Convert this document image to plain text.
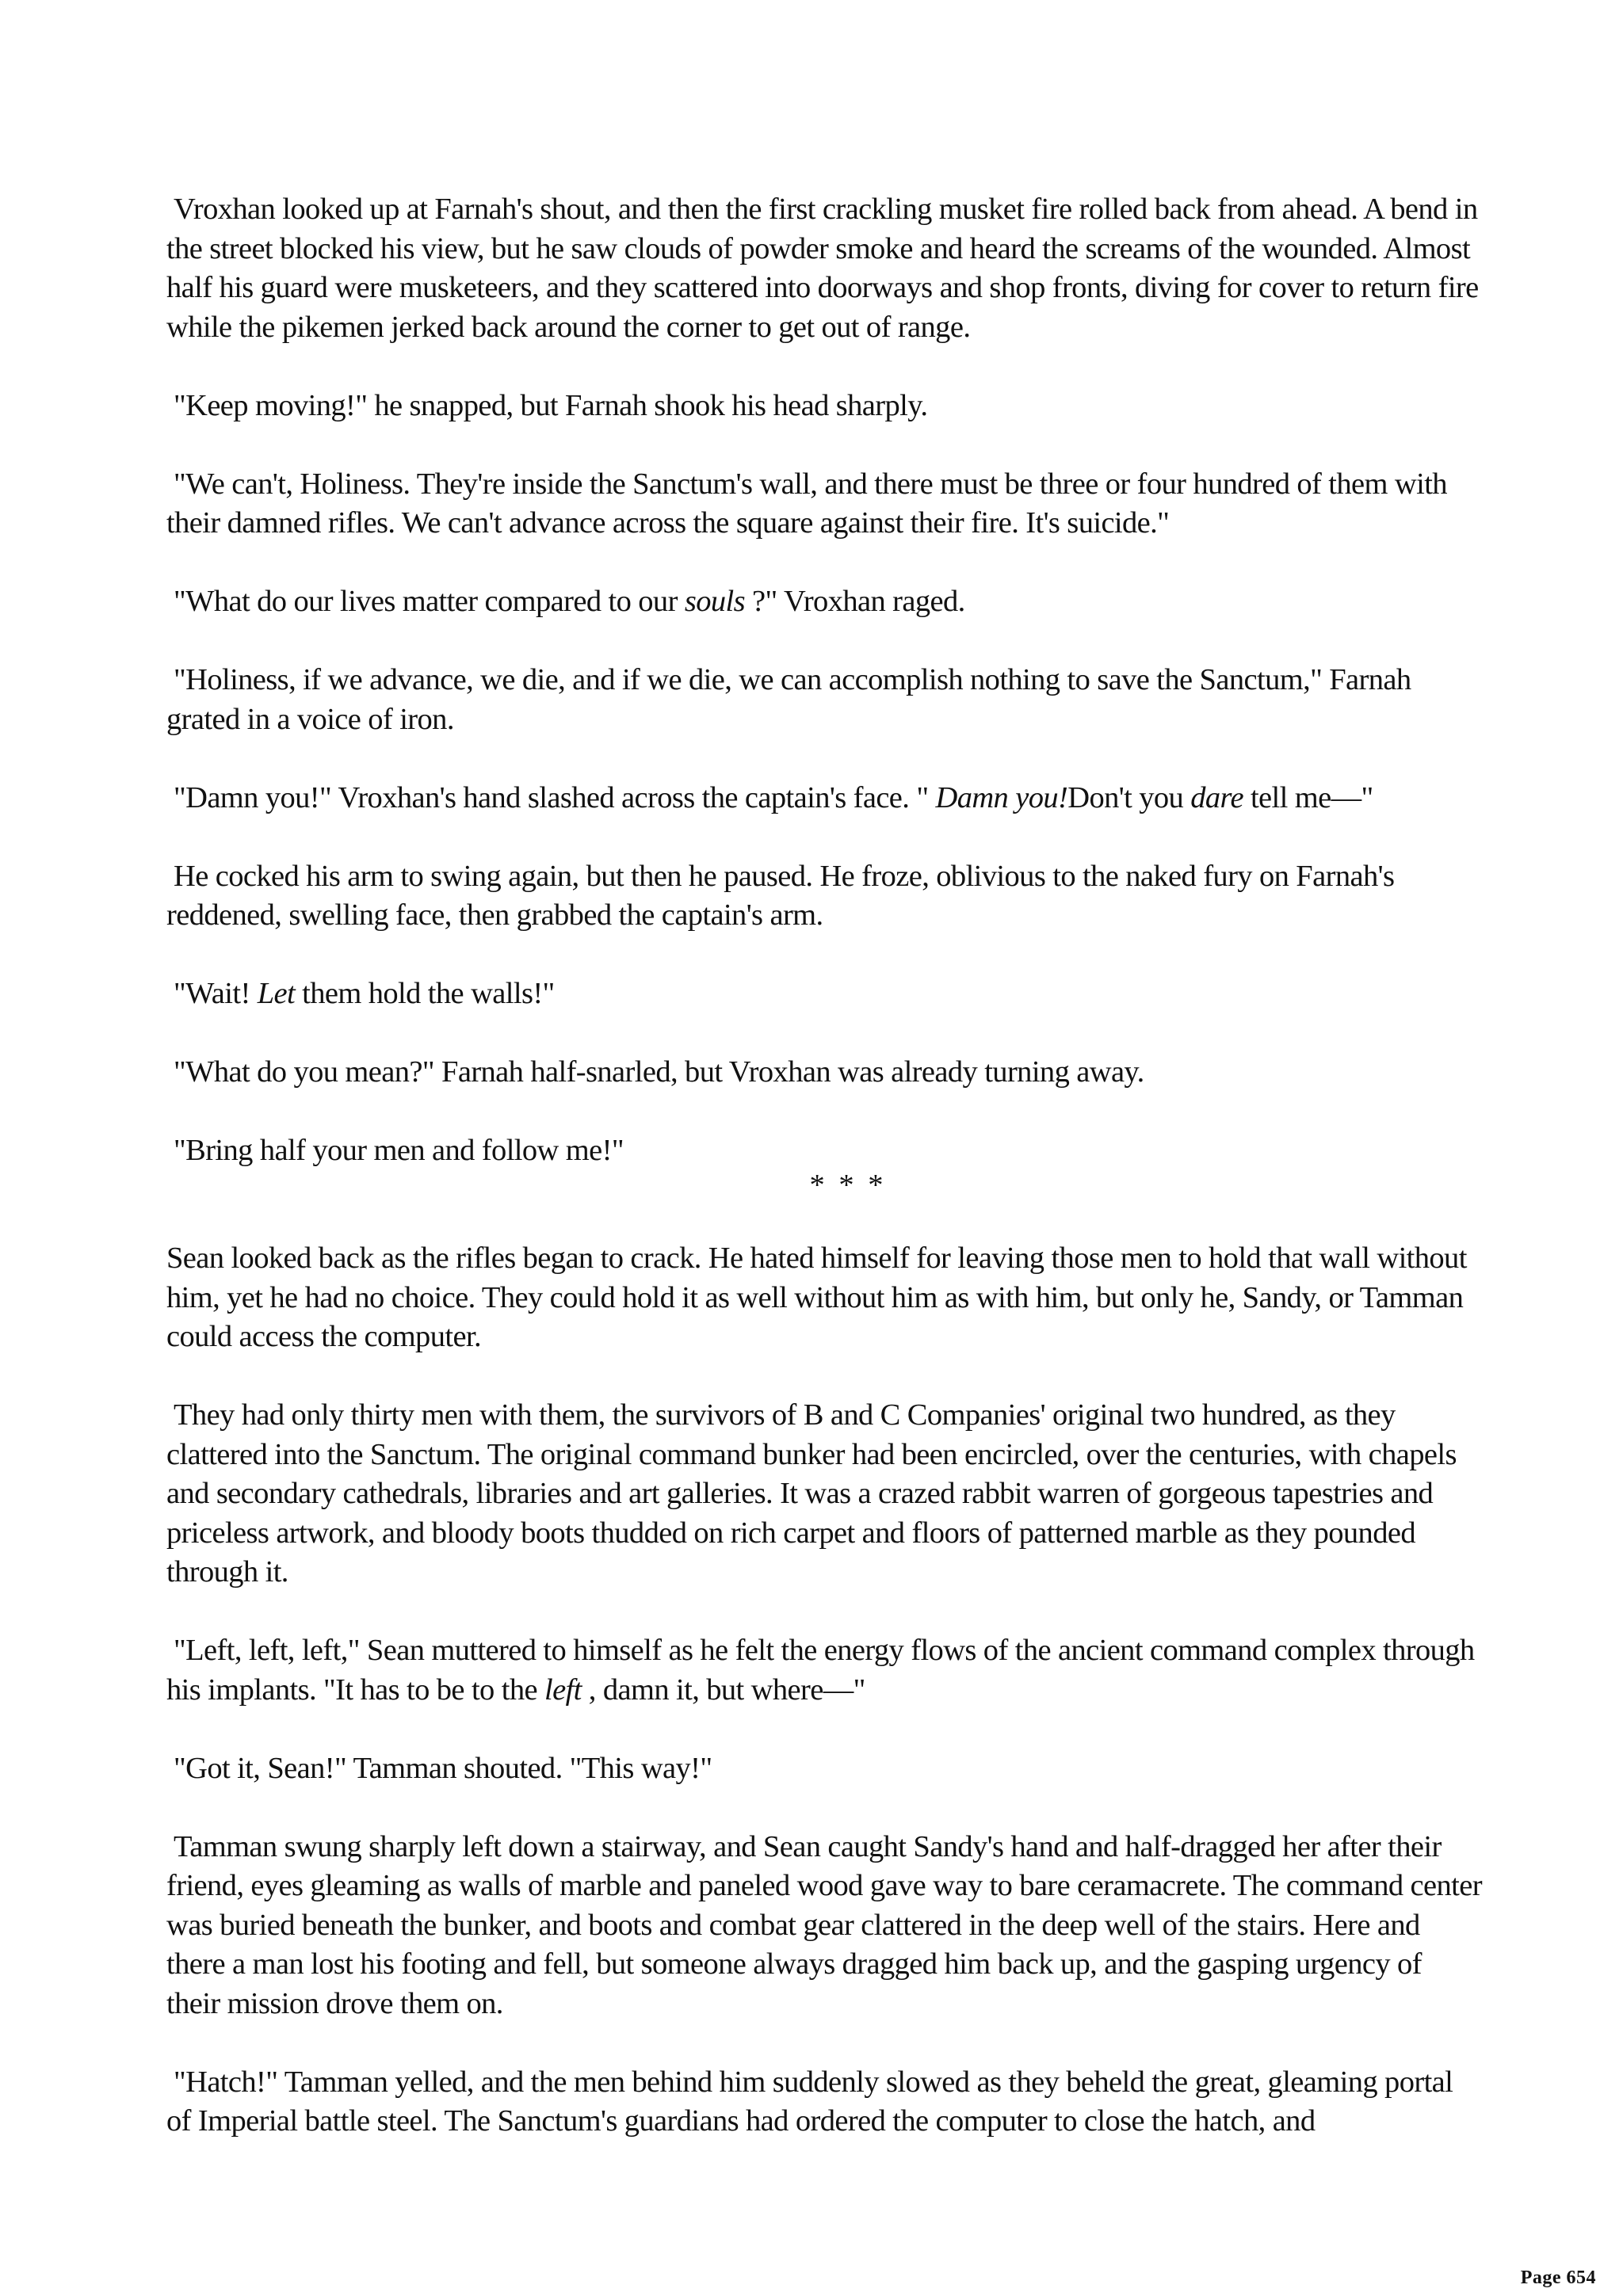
Vroxhan looked up at Farnah's shout, and then the first crackling musket fire rolled back from ahead. A bend in the street blocked his view, but he saw clouds of powder smoke and heard the screams of the wounded. Almost half his guard were musketeers, and they scattered into doorways and shop fronts, diving for cover to return fire while the pikemen jerked back around the corner to get out of range.

"Keep moving!" he snapped, but Farnah shook his head sharply.

"We can't, Holiness. They're inside the Sanctum's wall, and there must be three or four hundred of them with their damned rifles. We can't advance across the square against their fire. It's suicide."

"What do our lives matter compared to our souls ?" Vroxhan raged.

"Holiness, if we advance, we die, and if we die, we can accomplish nothing to save the Sanctum," Farnah grated in a voice of iron.

"Damn you!" Vroxhan's hand slashed across the captain's face. " Damn you!Don't you dare tell me—"

He cocked his arm to swing again, but then he paused. He froze, oblivious to the naked fury on Farnah's reddened, swelling face, then grabbed the captain's arm.

"Wait! Let them hold the walls!"

"What do you mean?" Farnah half-snarled, but Vroxhan was already turning away.

"Bring half your men and follow me!"

* * *

Sean looked back as the rifles began to crack. He hated himself for leaving those men to hold that wall without him, yet he had no choice. They could hold it as well without him as with him, but only he, Sandy, or Tamman could access the computer.

They had only thirty men with them, the survivors of B and C Companies' original two hundred, as they clattered into the Sanctum. The original command bunker had been encircled, over the centuries, with chapels and secondary cathedrals, libraries and art galleries. It was a crazed rabbit warren of gorgeous tapestries and priceless artwork, and bloody boots thudded on rich carpet and floors of patterned marble as they pounded through it.

"Left, left, left," Sean muttered to himself as he felt the energy flows of the ancient command complex through his implants. "It has to be to the left , damn it, but where—"

"Got it, Sean!" Tamman shouted. "This way!"

Tamman swung sharply left down a stairway, and Sean caught Sandy's hand and half-dragged her after their friend, eyes gleaming as walls of marble and paneled wood gave way to bare ceramacrete. The command center was buried beneath the bunker, and boots and combat gear clattered in the deep well of the stairs. Here and there a man lost his footing and fell, but someone always dragged him back up, and the gasping urgency of their mission drove them on.

"Hatch!" Tamman yelled, and the men behind him suddenly slowed as they beheld the great, gleaming portal of Imperial battle steel. The Sanctum's guardians had ordered the computer to close the hatch, and

Page 654
